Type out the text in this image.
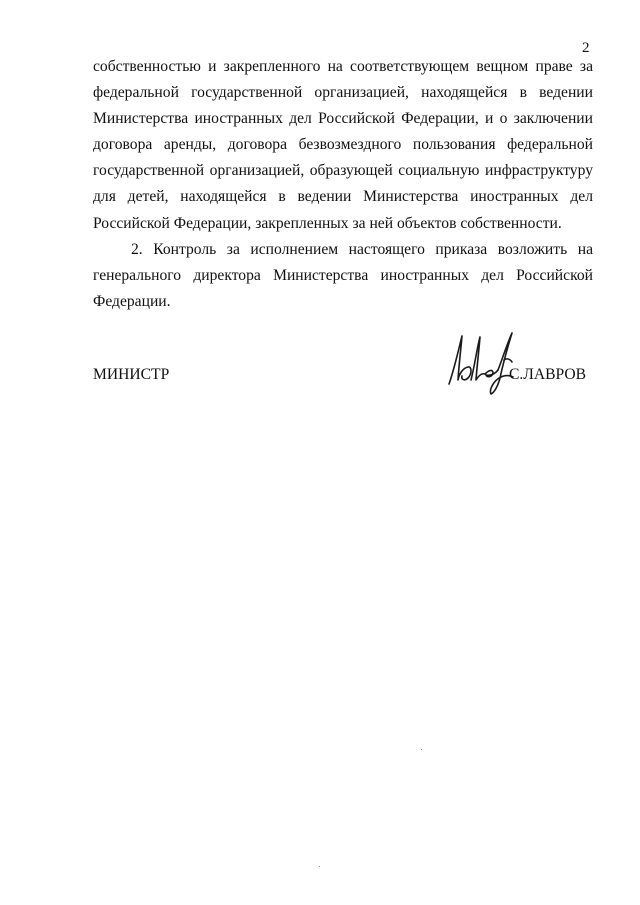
2

собственностью и закрепленного на соответствующем вещном праве за федеральной государственной организацией, находящейся в ведении Министерства иностранных дел Российской Федерации, и о заключении договора аренды, договора безвозмездного пользования федеральной государственной организацией, образующей социальную инфраструктуру для детей, находящейся в ведении Министерства иностранных дел Российской Федерации, закрепленных за ней объектов собственности.

2. Контроль за исполнением настоящего приказа возложить на генерального директора Министерства иностранных дел Российской Федерации.

МИНИСТР	С.ЛАВРОВ
